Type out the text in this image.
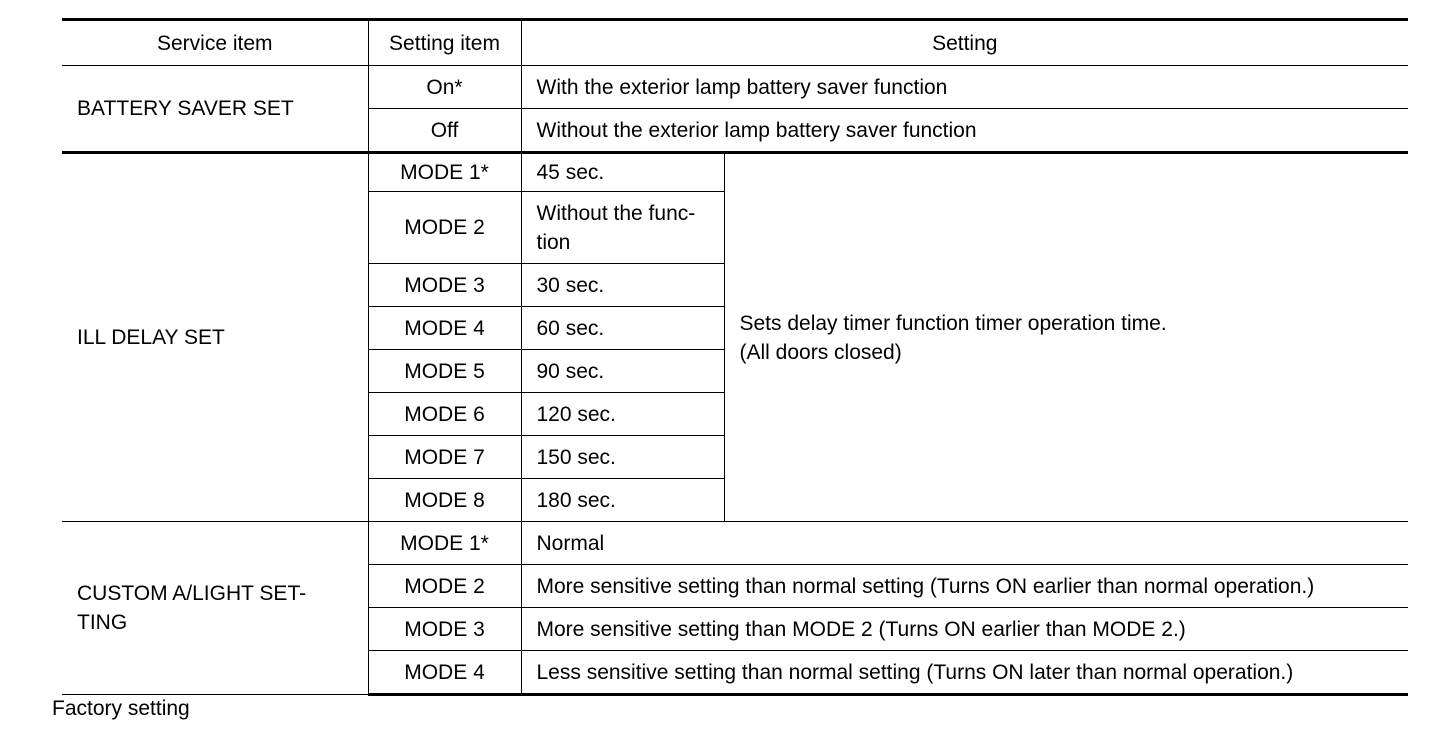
Service item	Setting item	Setting	
BATTERY SAVER SET	On*	With the exterior lamp battery saver function	
	Off	Without the exterior lamp battery saver function	
ILL DELAY SET	MODE 1*	45 sec.	Sets delay timer function timer operation time.
(All doors closed)

	MODE 2	Without the func-
tion	

	MODE 3	30 sec.	
	MODE 4	60 sec.	
	MODE 5	90 sec.	
	MODE 6	120 sec.	
	MODE 7	150 sec.	
	MODE 8	180 sec.	

CUSTOM A/LIGHT SET-
TING	MODE 1*	Normal	
	MODE 2	More sensitive setting than normal setting (Turns ON earlier than normal operation.)	
	MODE 3	More sensitive setting than MODE 2 (Turns ON earlier than MODE 2.)	
	MODE 4	Less sensitive setting than normal setting (Turns ON later than normal operation.)	
Factory setting
